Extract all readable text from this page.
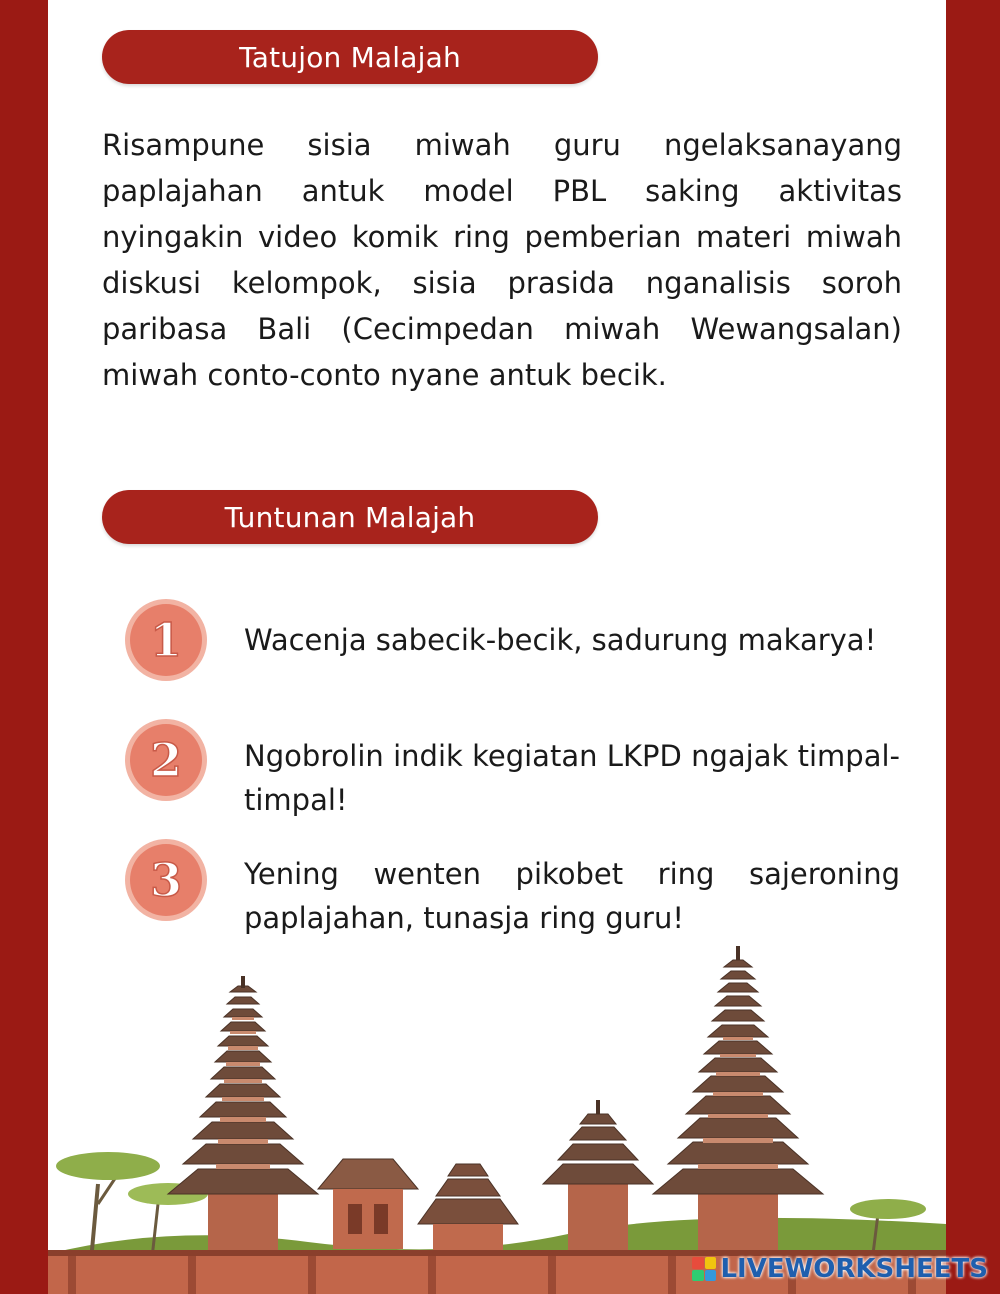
Tatujon Malajah

Risampune sisia miwah guru ngelaksanayang paplajahan antuk model PBL saking aktivitas nyingakin video komik ring pemberian materi miwah diskusi kelompok, sisia prasida nganalisis soroh paribasa Bali (Cecimpedan miwah Wewangsalan) miwah conto-conto nyane antuk becik.

Tuntunan Malajah
1 Wacenja sabecik-becik, sadurung makarya!

2 Ngobrolin indik kegiatan LKPD ngajak timpal-timpal!

3 Yening wenten pikobet ring sajeroning paplajahan, tunasja ring guru!

LIVEWORKSHEETS
